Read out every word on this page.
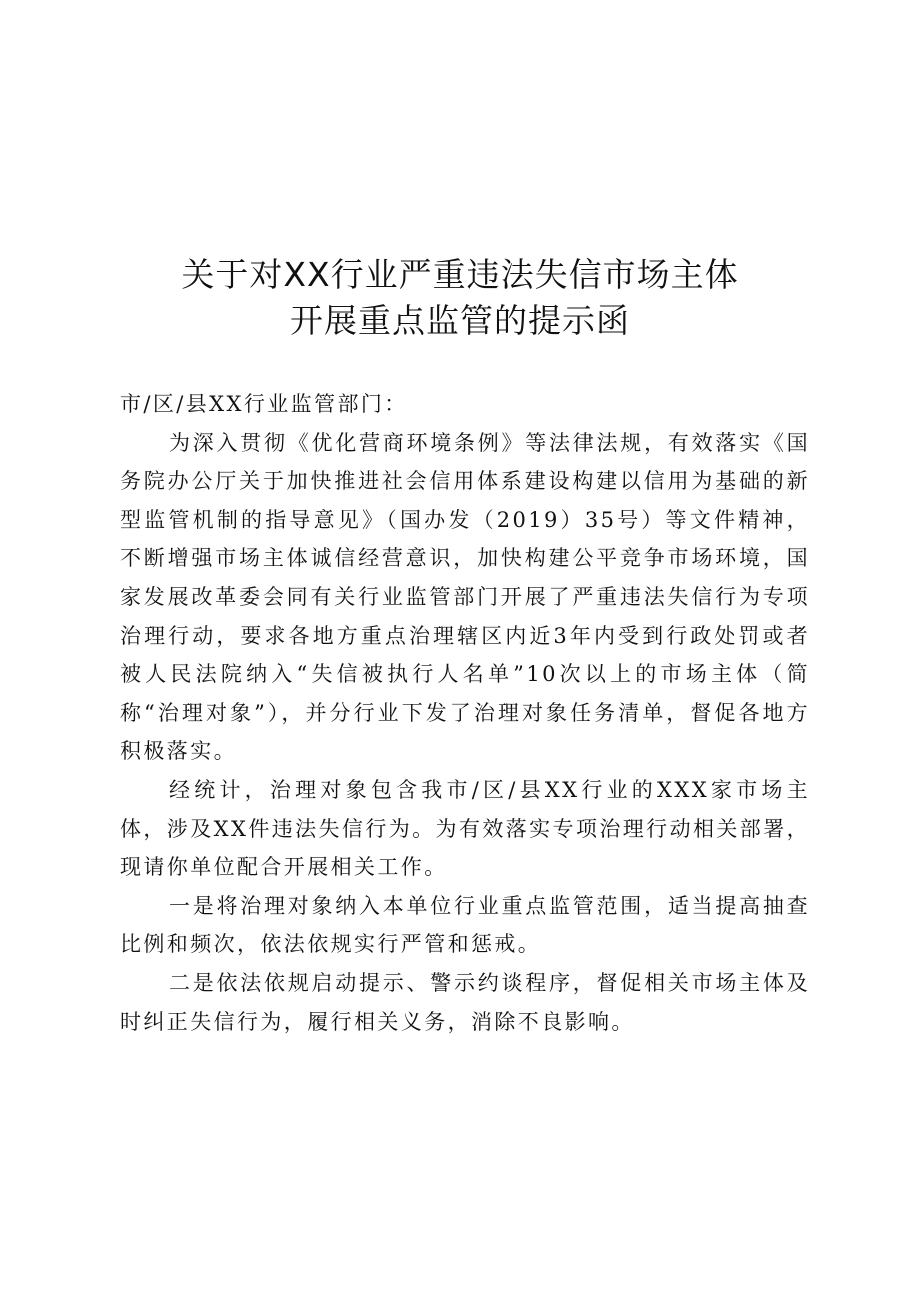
关于对XX行业严重违法失信市场主体
开展重点监管的提示函

市/区/县XX行业监管部门：

为深入贯彻《优化营商环境条例》等法律法规，有效落实《国务院办公厅关于加快推进社会信用体系建设构建以信用为基础的新型监管机制的指导意见》（国办发（2019）35号）等文件精神，不断增强市场主体诚信经营意识，加快构建公平竞争市场环境，国家发展改革委会同有关行业监管部门开展了严重违法失信行为专项治理行动，要求各地方重点治理辖区内近3年内受到行政处罚或者被人民法院纳入“失信被执行人名单”10次以上的市场主体（简称“治理对象”），并分行业下发了治理对象任务清单，督促各地方积极落实。

经统计，治理对象包含我市/区/县XX行业的XXX家市场主体，涉及XX件违法失信行为。为有效落实专项治理行动相关部署，现请你单位配合开展相关工作。

一是将治理对象纳入本单位行业重点监管范围，适当提高抽查比例和频次，依法依规实行严管和惩戒。

二是依法依规启动提示、警示约谈程序，督促相关市场主体及时纠正失信行为，履行相关义务，消除不良影响。
